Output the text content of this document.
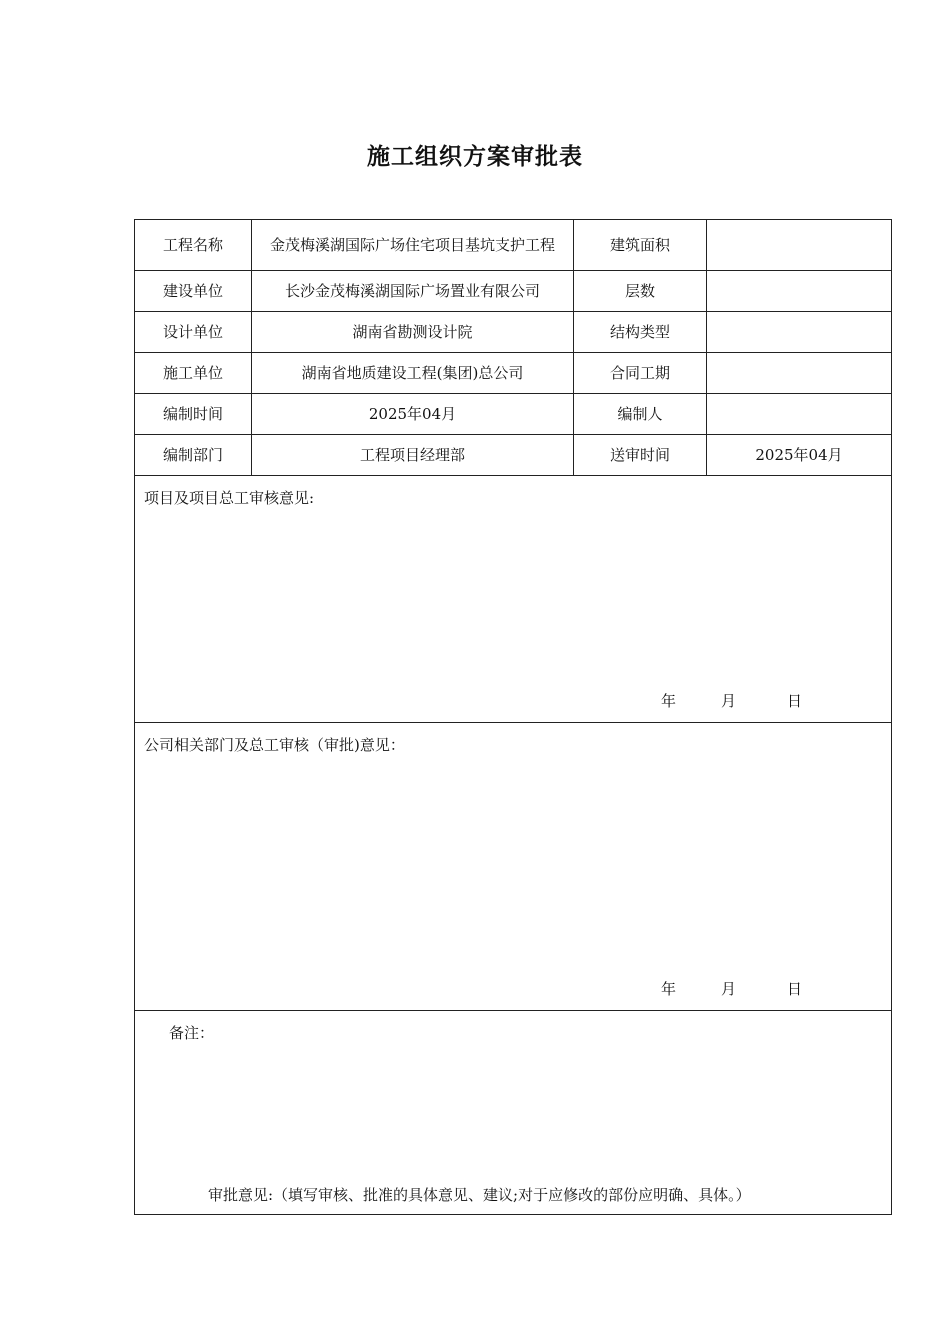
施工组织方案审批表
工程名称	金茂梅溪湖国际广场住宅项目基坑支护工程	建筑面积	
建设单位	长沙金茂梅溪湖国际广场置业有限公司	层数	
设计单位	湖南省勘测设计院	结构类型	
施工单位	湖南省地质建设工程(集团)总公司	合同工期	
编制时间	2025年04月	编制人	
编制部门	工程项目经理部	送审时间	2025年04月

项目及项目总工审核意见:
年 月 日			

公司相关部门及总工审核（审批)意见：
年 月 日			

备注：
审批意见:（填写审核、批准的具体意见、建议;对于应修改的部份应明确、具体。）			
